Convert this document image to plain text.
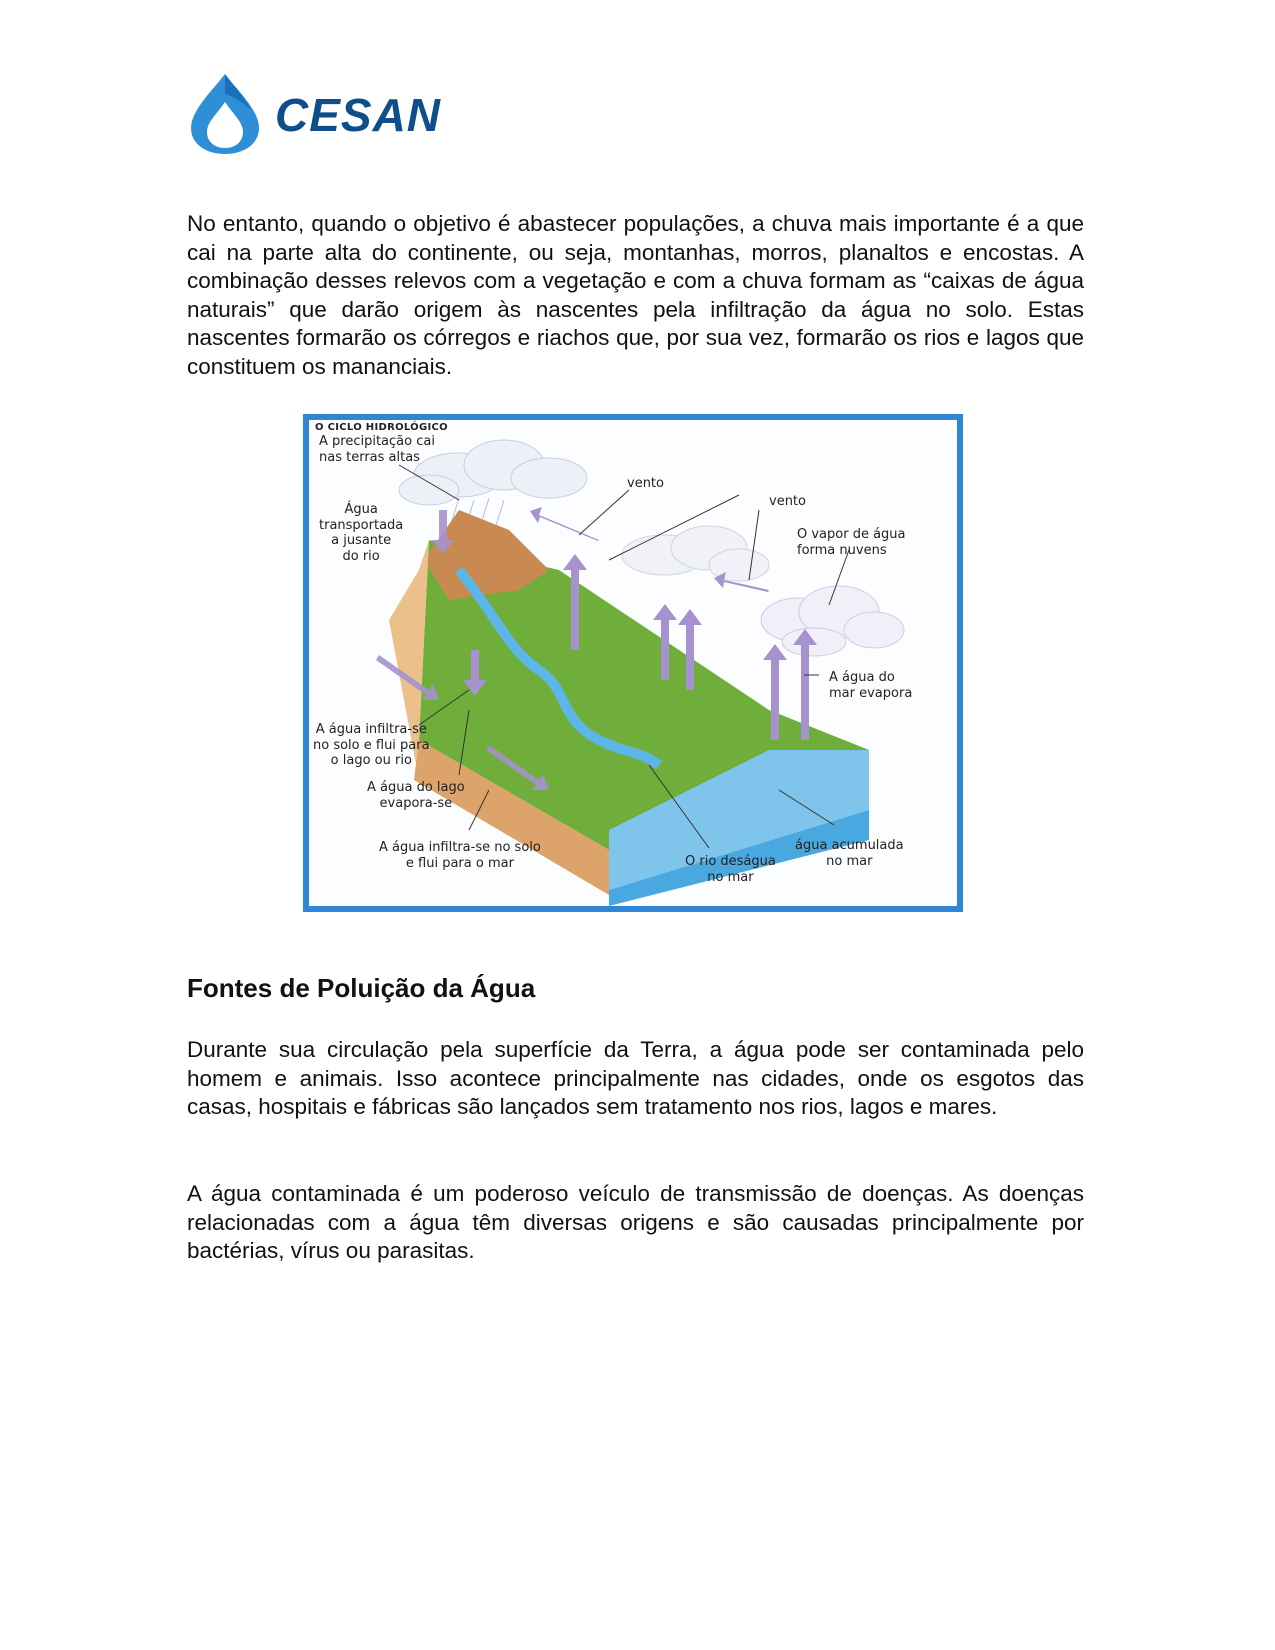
CESAN

No entanto, quando o objetivo é abastecer populações, a chuva mais importante é a que cai na parte alta do continente, ou seja, montanhas, morros, planaltos e encostas. A combinação desses relevos com a vegetação e com a chuva formam as “caixas de água naturais” que darão origem às nascentes pela infiltração da água no solo. Estas nascentes formarão os córregos e riachos que, por sua vez, formarão os rios e lagos que constituem os mananciais.

O CICLO HIDROLÓGICO
A precipitação cai
nas terras altas
Água
transportada
a jusante
do rio
vento
vento
O vapor de água
forma nuvens
A água do
mar evapora
A água infiltra-se
no solo e flui para
o lago ou rio
A água do lago
evapora-se
A água infiltra-se no solo
e flui para o mar	O rio deságua
no mar
água acumulada
no mar
Fontes de Poluição da Água

Durante sua circulação pela superfície da Terra, a água pode ser contaminada pelo homem e animais. Isso acontece principalmente nas cidades, onde os esgotos das casas, hospitais e fábricas são lançados sem tratamento nos rios, lagos e mares.

A água contaminada é um poderoso veículo de transmissão de doenças. As doenças relacionadas com a água têm diversas origens e são causadas principalmente por bactérias, vírus ou parasitas.
